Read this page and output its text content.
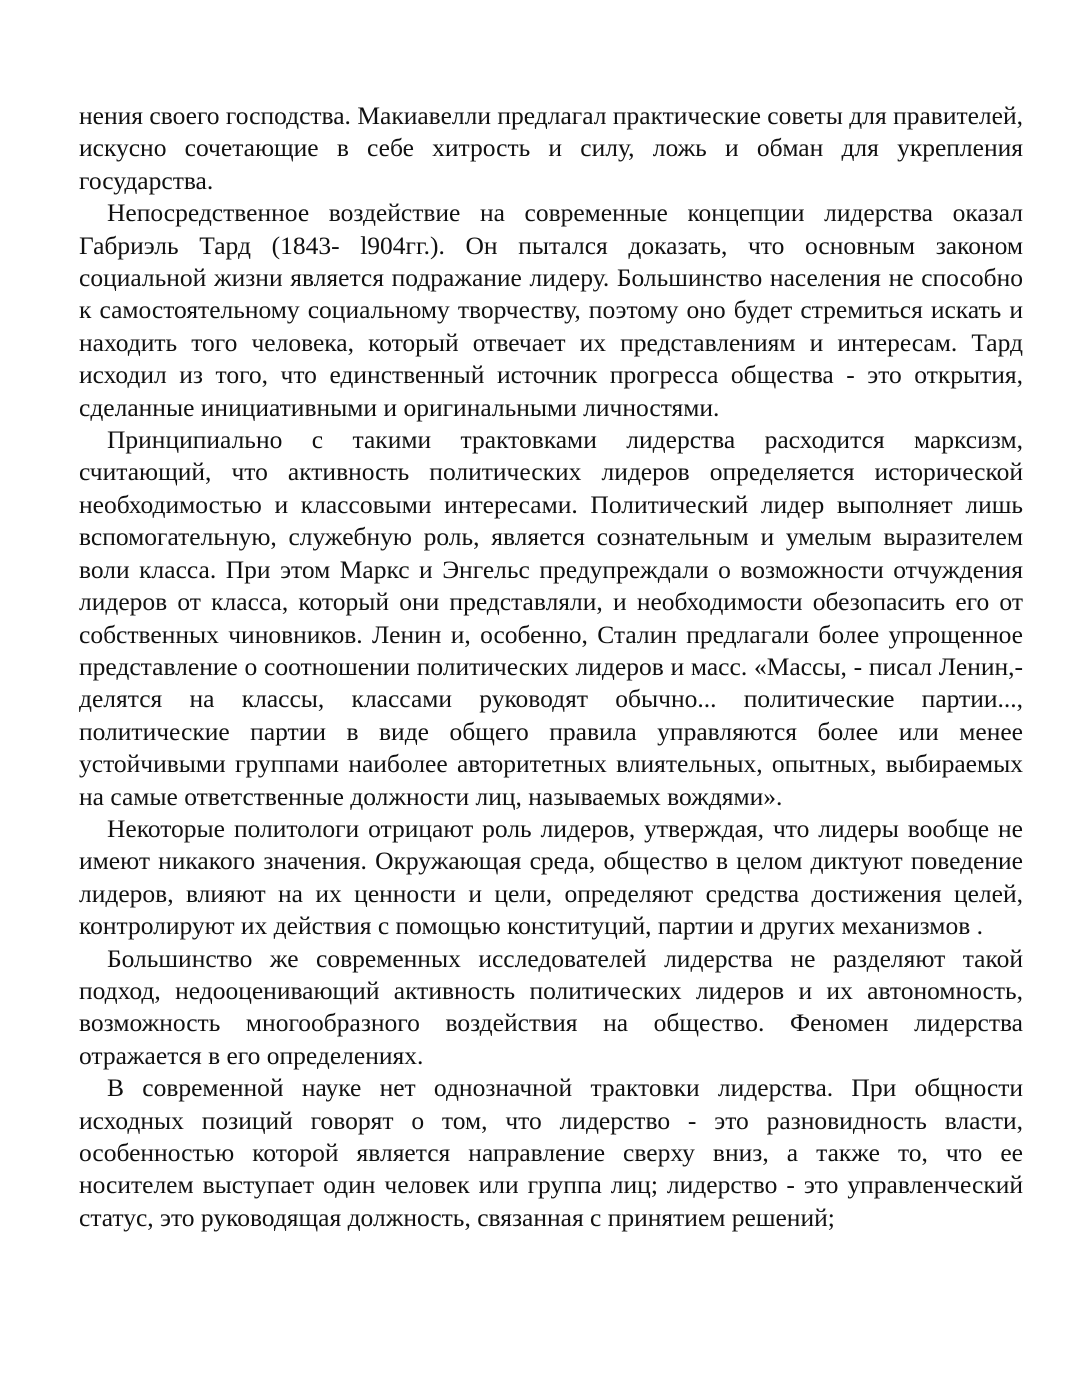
нения своего господства. Макиавелли предлагал практические советы для правителей, искусно сочетающие в себе хитрость и силу, ложь и обман для укрепления государства.

Непосредственное воздействие на современные концепции лидерства оказал Габриэль Тард (1843- l904гг.). Он пытался доказать, что основным законом социальной жизни является подражание лидеру. Большинство населения не способно к самостоятельному социальному творчеству, поэтому оно будет стремиться искать и находить того человека, который отвечает их представлениям и интересам. Тард исходил из того, что единственный источник прогресса общества - это открытия, сделанные инициативными и оригинальными личностями.

Принципиально с такими трактовками лидерства расходится марксизм, считающий, что активность политических лидеров определяется исторической необходимостью и классовыми интересами. Политический лидер выполняет лишь вспомогательную, служебную роль, является сознательным и умелым выразителем воли класса. При этом Маркс и Энгельс предупреждали о возможности отчуждения лидеров от класса, который они представляли, и необходимости обезопасить его от собственных чиновников. Ленин и, особенно, Сталин предлагали более упрощенное представление о соотношении политических лидеров и масс. «Массы, - писал Ленин,- делятся на классы, классами руководят обычно... политические партии..., политические партии в виде общего правила управляются более или менее устойчивыми группами наиболее авторитетных влиятельных, опытных, выбираемых на самые ответственные должности лиц, называемых вождями».

Некоторые политологи отрицают роль лидеров, утверждая, что лидеры вообще не имеют никакого значения. Окружающая среда, общество в целом диктуют поведение лидеров, влияют на их ценности и цели, определяют средства достижения целей, контролируют их действия с помощью конституций, партии и других механизмов .

Большинство же современных исследователей лидерства не разделяют такой подход, недооценивающий активность политических лидеров и их автономность, возможность многообразного воздействия на общество. Феномен лидерства отражается в его определениях.

В современной науке нет однозначной трактовки лидерства. При общности исходных позиций говорят о том, что лидерство - это разновидность власти, особенностью которой является направление сверху вниз, а также то, что ее носителем выступает один человек или группа лиц; лидерство - это управленческий статус, это руководящая должность, связанная с принятием решений;
